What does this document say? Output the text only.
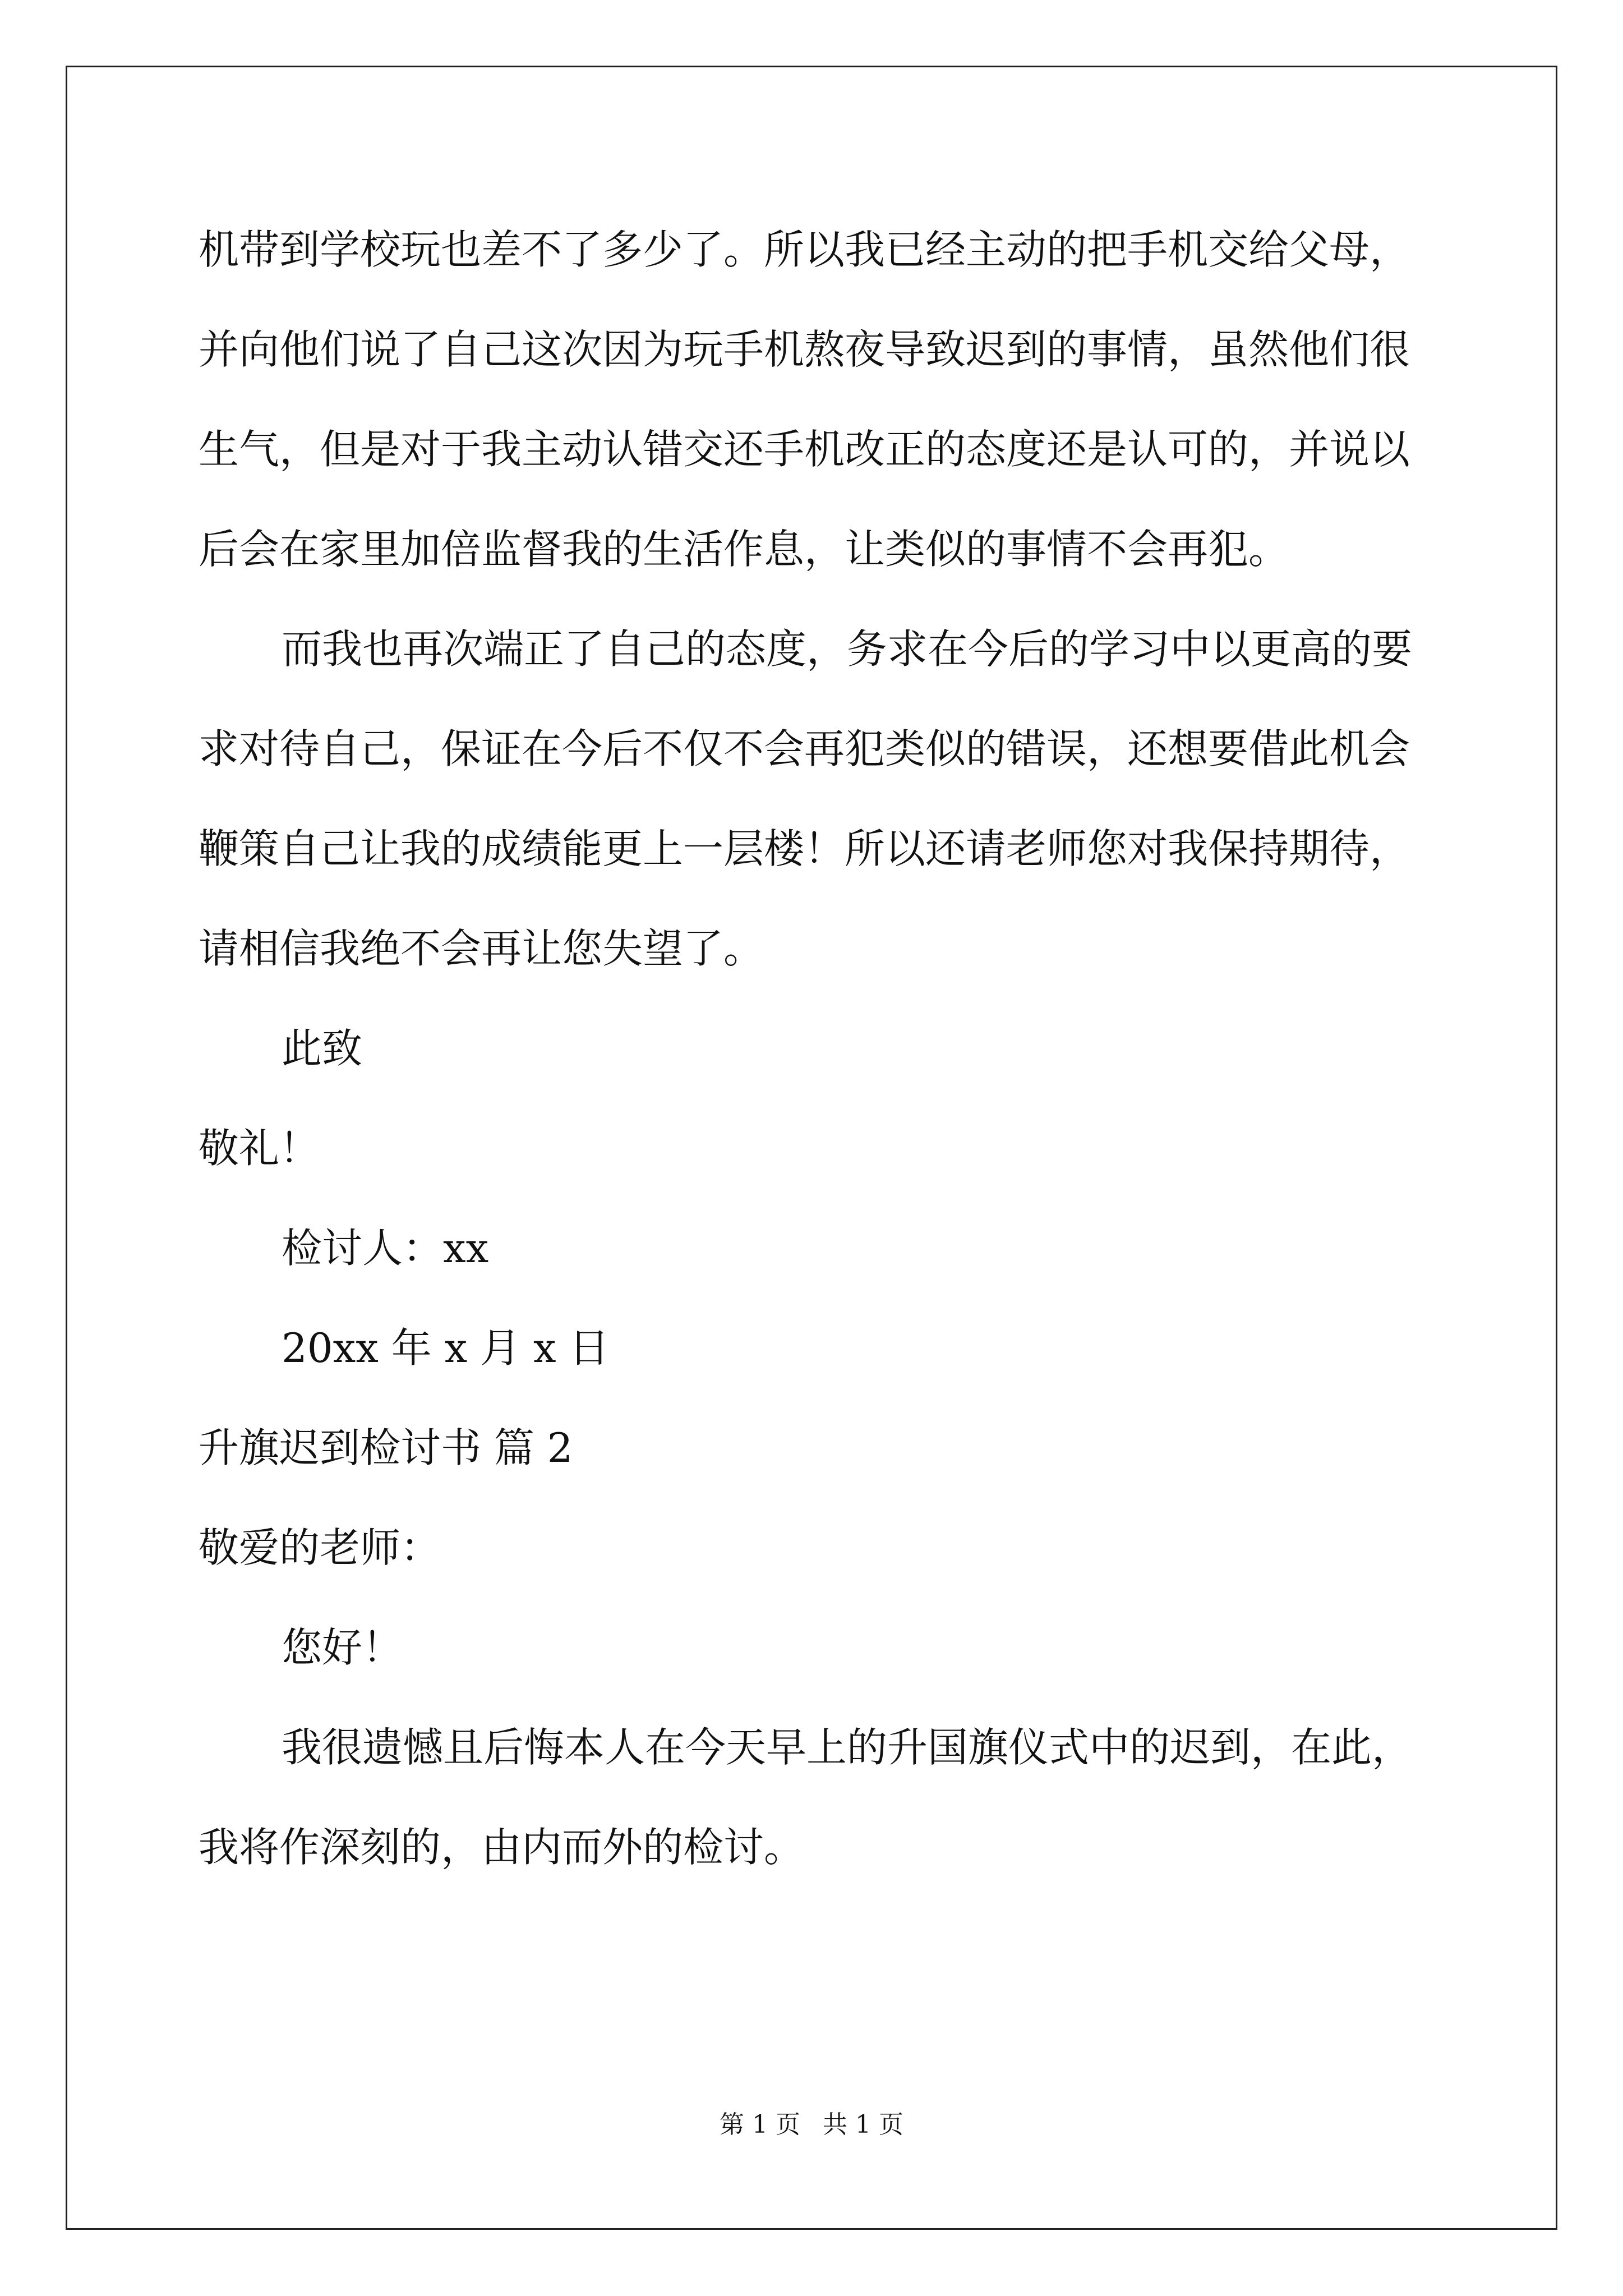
机带到学校玩也差不了多少了。所以我已经主动的把手机交给父母，
并向他们说了自己这次因为玩手机熬夜导致迟到的事情，虽然他们很
生气，但是对于我主动认错交还手机改正的态度还是认可的，并说以
后会在家里加倍监督我的生活作息，让类似的事情不会再犯。
而我也再次端正了自己的态度，务求在今后的学习中以更高的要
求对待自己，保证在今后不仅不会再犯类似的错误，还想要借此机会
鞭策自己让我的成绩能更上一层楼！所以还请老师您对我保持期待，
请相信我绝不会再让您失望了。
此致
敬礼！
检讨人：xx
20xx 年 x 月 x 日
升旗迟到检讨书 篇 2
敬爱的老师：
您好！
我很遗憾且后悔本人在今天早上的升国旗仪式中的迟到，在此，
我将作深刻的，由内而外的检讨。
第 1 页 共 1 页
